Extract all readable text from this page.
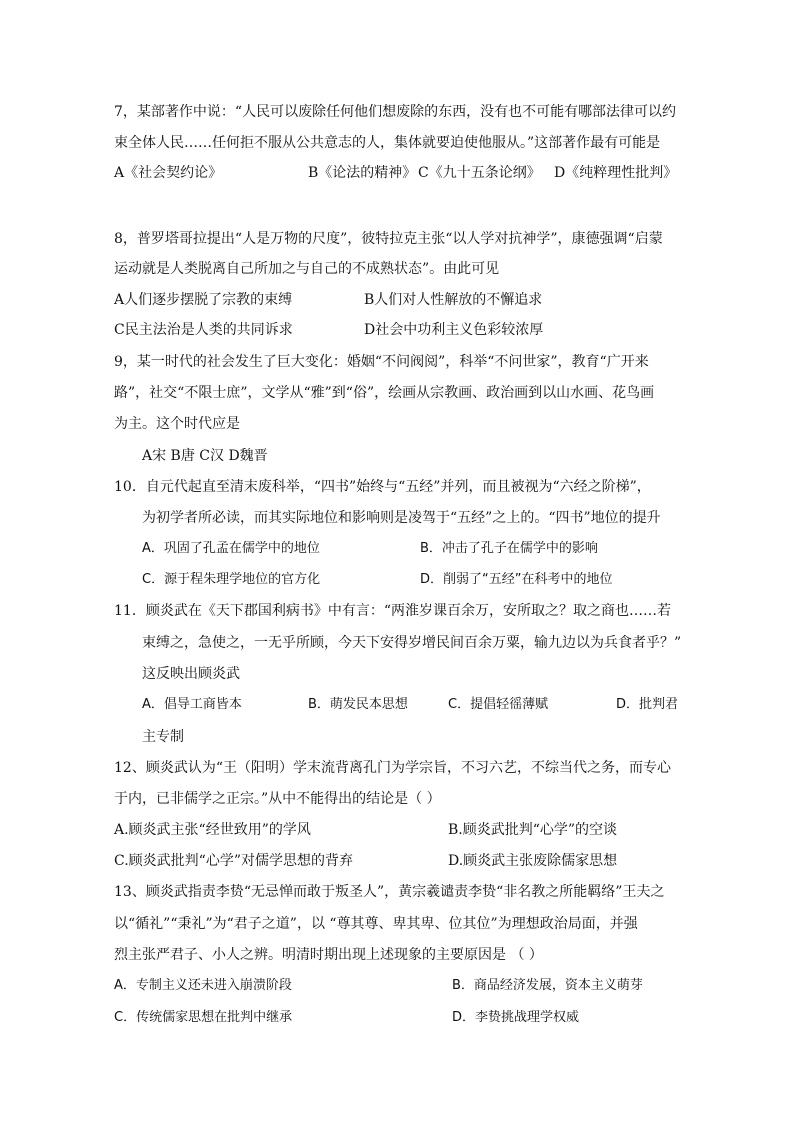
7，某部著作中说：“人民可以废除任何他们想废除的东西，没有也不可能有哪部法律可以约
束全体人民……任何拒不服从公共意志的人，集体就要迫使他服从。”这部著作最有可能是
A《社会契约论》	B《论法的精神》 C《九十五条论纲》 D《纯粹理性批判》
8，普罗塔哥拉提出“人是万物的尺度”，彼特拉克主张“以人学对抗神学”，康德强调“启蒙
运动就是人类脱离自己所加之与自己的不成熟状态”。由此可见
A人们逐步摆脱了宗教的束缚	B人们对人性解放的不懈追求
C民主法治是人类的共同诉求	D社会中功利主义色彩较浓厚
9，某一时代的社会发生了巨大变化：婚姻“不问阀阅”，科举“不问世家”，教育“广开来
路”，社交“不限士庶”，文学从“雅”到“俗”，绘画从宗教画、政治画到以山水画、花鸟画
为主。这个时代应是
A宋 B唐 C汉 D魏晋
10．自元代起直至清末废科举，“四书”始终与“五经”并列，而且被视为“六经之阶梯”，
为初学者所必读，而其实际地位和影响则是凌驾于“五经”之上的。“四书”地位的提升
A．巩固了孔孟在儒学中的地位	B．冲击了孔子在儒学中的影响
C．源于程朱理学地位的官方化	D．削弱了“五经”在科考中的地位
11．顾炎武在《天下郡国利病书》中有言：“两淮岁课百余万，安所取之？取之商也……若
束缚之，急使之，一无乎所顾，今天下安得岁增民间百余万粟，输九边以为兵食者乎？”
这反映出顾炎武
A．倡导工商皆本	B．萌发民本思想	C．提倡轻徭薄赋	D．批判君
主专制
12、顾炎武认为“王（阳明）学末流背离孔门为学宗旨，不习六艺，不综当代之务，而专心
于内，已非儒学之正宗。”从中不能得出的结论是（ ）
A.顾炎武主张“经世致用”的学风	B.顾炎武批判“心学”的空谈
C.顾炎武批判“心学”对儒学思想的背弃	D.顾炎武主张废除儒家思想
13、顾炎武指责李贽“无忌惮而敢于叛圣人”，黄宗羲谴责李贽“非名教之所能羁络”王夫之
以“循礼”“秉礼”为“君子之道”，以 “尊其尊、卑其卑、位其位”为理想政治局面，并强
烈主张严君子、小人之辨。明清时期出现上述现象的主要原因是 （ ）
A．专制主义还未进入崩溃阶段	B．商品经济发展，资本主义萌芽
C．传统儒家思想在批判中继承	D．李贽挑战理学权威
